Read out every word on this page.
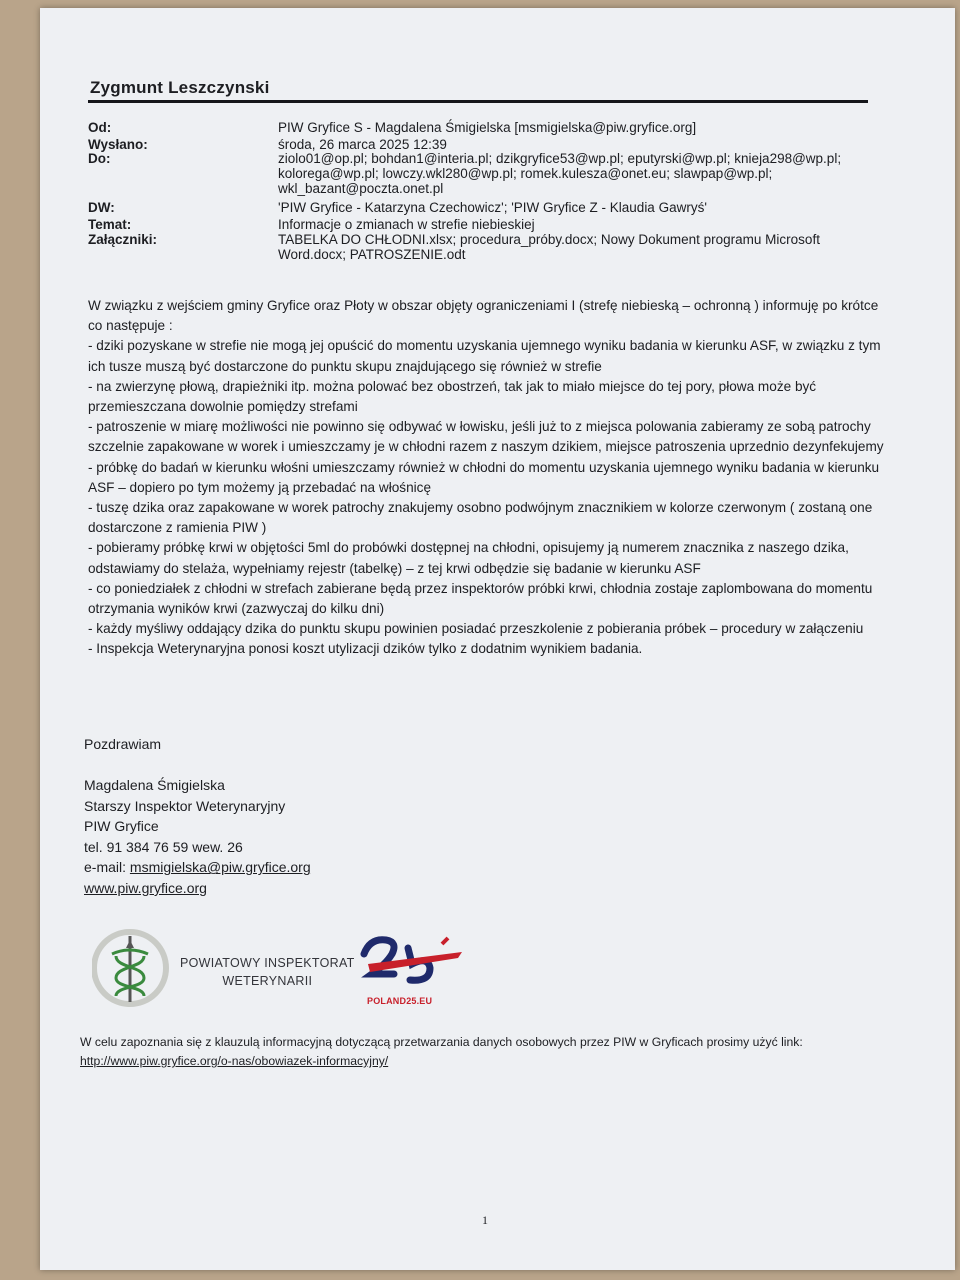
Zygmunt Leszczynski
Od:	PIW Gryfice S - Magdalena Śmigielska [msmigielska@piw.gryfice.org]
Wysłano:	środa, 26 marca 2025 12:39
Do:	ziolo01@op.pl; bohdan1@interia.pl; dzikgryfice53@wp.pl; eputyrski@wp.pl; knieja298@wp.pl; kolorega@wp.pl; lowczy.wkl280@wp.pl; romek.kulesza@onet.eu; slawpap@wp.pl; wkl_bazant@poczta.onet.pl
DW:	'PIW Gryfice - Katarzyna Czechowicz'; 'PIW Gryfice Z - Klaudia Gawryś'
Temat:	Informacje o zmianach w strefie niebieskiej
Załączniki:	TABELKA DO CHŁODNI.xlsx; procedura_próby.docx; Nowy Dokument programu Microsoft Word.docx; PATROSZENIE.odt

W związku z wejściem gminy Gryfice oraz Płoty w obszar objęty ograniczeniami I (strefę niebieską – ochronną ) informuję po krótce co następuje :

- dziki pozyskane w strefie nie mogą jej opuścić do momentu uzyskania ujemnego wyniku badania w kierunku ASF, w związku z tym ich tusze muszą być dostarczone do punktu skupu znajdującego się również w strefie

- na zwierzynę płową, drapieżniki itp. można polować bez obostrzeń, tak jak to miało miejsce do tej pory, płowa może być przemieszczana dowolnie pomiędzy strefami

- patroszenie w miarę możliwości nie powinno się odbywać w łowisku, jeśli już to z miejsca polowania zabieramy ze sobą patrochy szczelnie zapakowane w worek i umieszczamy je w chłodni razem z naszym dzikiem, miejsce patroszenia uprzednio dezynfekujemy

- próbkę do badań w kierunku włośni umieszczamy również w chłodni do momentu uzyskania ujemnego wyniku badania w kierunku ASF – dopiero po tym możemy ją przebadać na włośnicę

- tuszę dzika oraz zapakowane w worek patrochy znakujemy osobno podwójnym znacznikiem w kolorze czerwonym ( zostaną one dostarczone z ramienia PIW )

- pobieramy próbkę krwi w objętości 5ml do probówki dostępnej na chłodni, opisujemy ją numerem znacznika z naszego dzika, odstawiamy do stelaża, wypełniamy rejestr (tabelkę) – z tej krwi odbędzie się badanie w kierunku ASF

- co poniedziałek z chłodni w strefach zabierane będą przez inspektorów próbki krwi, chłodnia zostaje zaplombowana do momentu otrzymania wyników krwi (zazwyczaj do kilku dni)

- każdy myśliwy oddający dzika do punktu skupu powinien posiadać przeszkolenie z pobierania próbek – procedury w załączeniu

- Inspekcja Weterynaryjna ponosi koszt utylizacji dzików tylko z dodatnim wynikiem badania.

Pozdrawiam
Magdalena Śmigielska
Starszy Inspektor Weterynaryjny
PIW Gryfice
tel. 91 384 76 59 wew. 26
e-mail: msmigielska@piw.gryfice.org
www.piw.gryfice.org
POWIATOWY INSPEKTORAT
WETERYNARII
POLAND25.EU
W celu zapoznania się z klauzulą informacyjną dotyczącą przetwarzania danych osobowych przez PIW w Gryficach prosimy użyć link:
http://www.piw.gryfice.org/o-nas/obowiazek-informacyjny/
1
